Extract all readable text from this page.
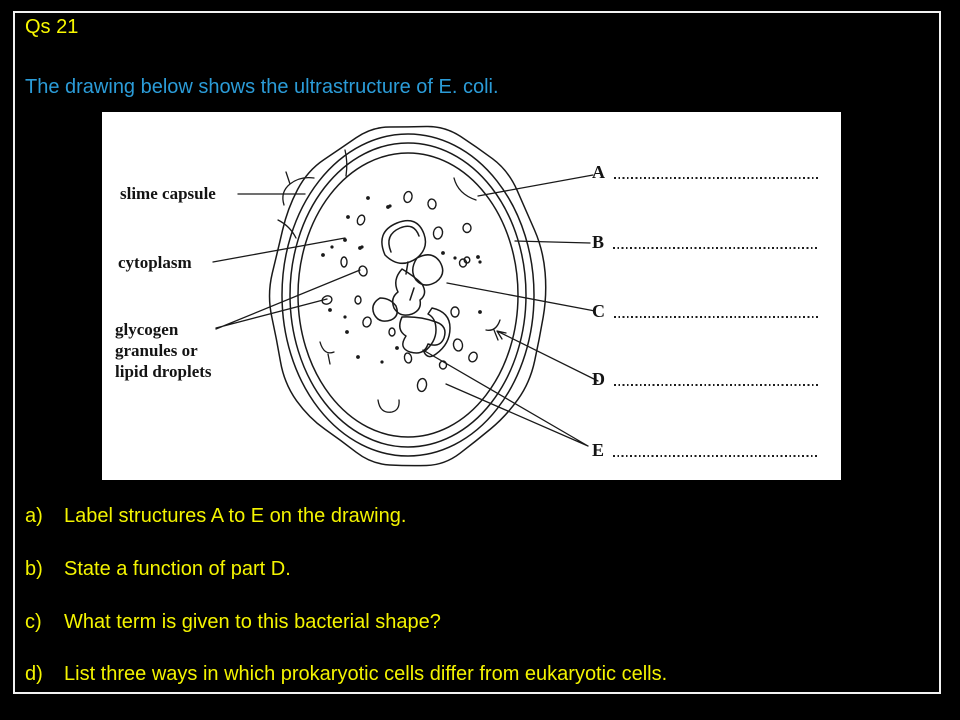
Qs 21
The drawing below shows the ultrastructure of E. coli.
slime capsule
cytoplasm
glycogen granules or lipid droplets
A
B
C
D
E
a)	Label structures A to E on the drawing.
b)	State a function of part D.
c)	What term is given to this bacterial shape?
d)	List three ways in which prokaryotic cells differ from eukaryotic cells.
